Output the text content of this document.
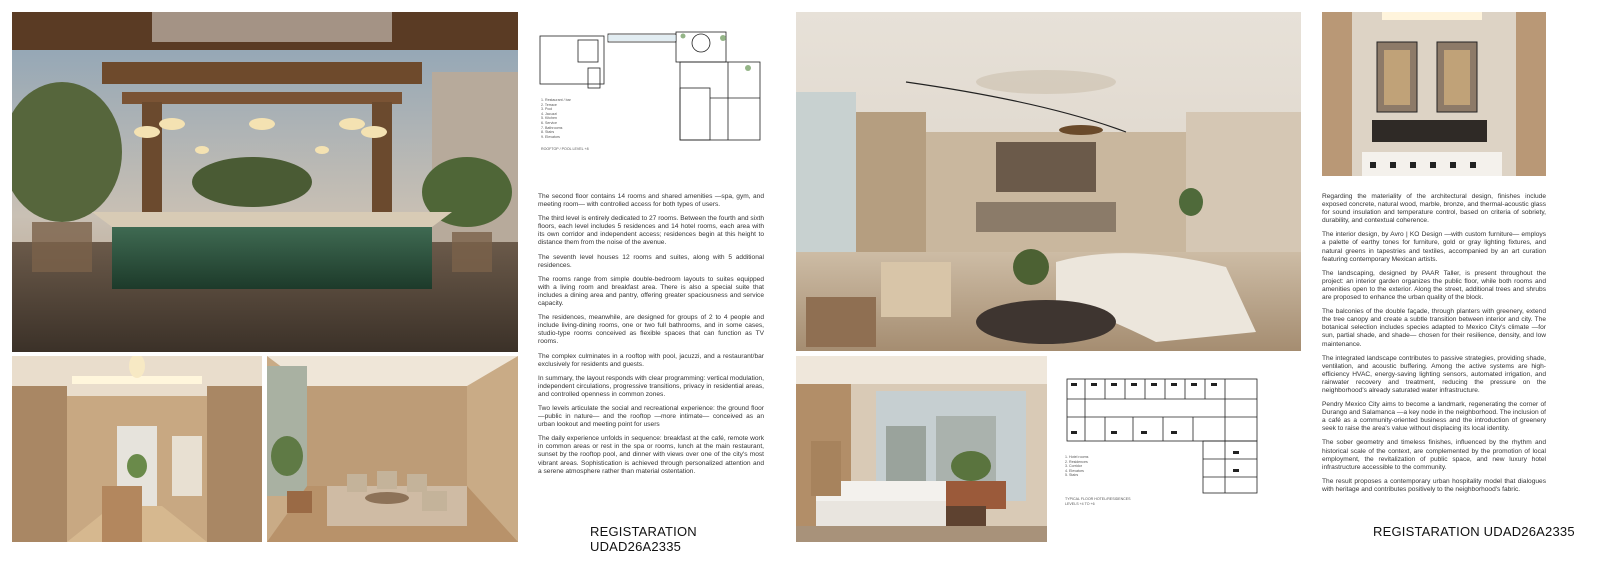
1. Restaurant / bar
2. Terrace
3. Pool
4. Jacuzzi
5. Kitchen
6. Service
7. Bathrooms
8. Stairs
9. Elevators
ROOFTOP / POOL LEVEL +8

The second floor contains 14 rooms and shared amenities —spa, gym, and meeting room— with controlled access for both types of users.

The third level is entirely dedicated to 27 rooms. Between the fourth and sixth floors, each level includes 5 residences and 14 hotel rooms, each area with its own corridor and independent access; residences begin at this height to distance them from the noise of the avenue.

The seventh level houses 12 rooms and suites, along with 5 additional residences.

The rooms range from simple double-bedroom layouts to suites equipped with a living room and breakfast area. There is also a special suite that includes a dining area and pantry, offering greater spaciousness and service capacity.

The residences, meanwhile, are designed for groups of 2 to 4 people and include living-dining rooms, one or two full bathrooms, and in some cases, studio-type rooms conceived as flexible spaces that can function as TV rooms.

The complex culminates in a rooftop with pool, jacuzzi, and a restaurant/bar exclusively for residents and guests.

In summary, the layout responds with clear programming: vertical modulation, independent circulations, progressive transitions, privacy in residential areas, and controlled openness in common zones.

Two levels articulate the social and recreational experience: the ground floor —public in nature— and the rooftop —more intimate— conceived as an urban lookout and meeting point for users

The daily experience unfolds in sequence: breakfast at the café, remote work in common areas or rest in the spa or rooms, lunch at the main restaurant, sunset by the rooftop pool, and dinner with views over one of the city's most vibrant areas. Sophistication is achieved through personalized attention and a serene atmosphere rather than material ostentation.

REGISTARATION UDAD26A2335

Regarding the materiality of the architectural design, finishes include exposed concrete, natural wood, marble, bronze, and thermal-acoustic glass for sound insulation and temperature control, based on criteria of sobriety, durability, and contextual coherence.

The interior design, by Avro | KO Design —with custom furniture— employs a palette of earthy tones for furniture, gold or gray lighting fixtures, and natural greens in tapestries and textiles, accompanied by an art curation featuring contemporary Mexican artists.

The landscaping, designed by PAAR Taller, is present throughout the project: an interior garden organizes the public floor, while both rooms and amenities open to the exterior. Along the street, additional trees and shrubs are proposed to enhance the urban quality of the block.

The balconies of the double façade, through planters with greenery, extend the tree canopy and create a subtle transition between interior and city. The botanical selection includes species adapted to Mexico City's climate —for sun, partial shade, and shade— chosen for their resilience, density, and low maintenance.

The integrated landscape contributes to passive strategies, providing shade, ventilation, and acoustic buffering. Among the active systems are high-efficiency HVAC, energy-saving lighting sensors, automated irrigation, and rainwater recovery and treatment, reducing the pressure on the neighborhood's already saturated water infrastructure.

Pendry Mexico City aims to become a landmark, regenerating the corner of Durango and Salamanca —a key node in the neighborhood. The inclusion of a café as a community-oriented business and the introduction of greenery seek to raise the area's value without displacing its local identity.

The sober geometry and timeless finishes, influenced by the rhythm and historical scale of the context, are complemented by the promotion of local employment, the revitalization of public space, and new luxury hotel infrastructure accessible to the community.

The result proposes a contemporary urban hospitality model that dialogues with heritage and contributes positively to the neighborhood's fabric.

1. Hotel rooms
2. Residences
3. Corridor
4. Elevators
5. Stairs
TYPICAL FLOOR HOTEL/RESIDENCES
LEVELS +4 TO +6
REGISTARATION UDAD26A2335
